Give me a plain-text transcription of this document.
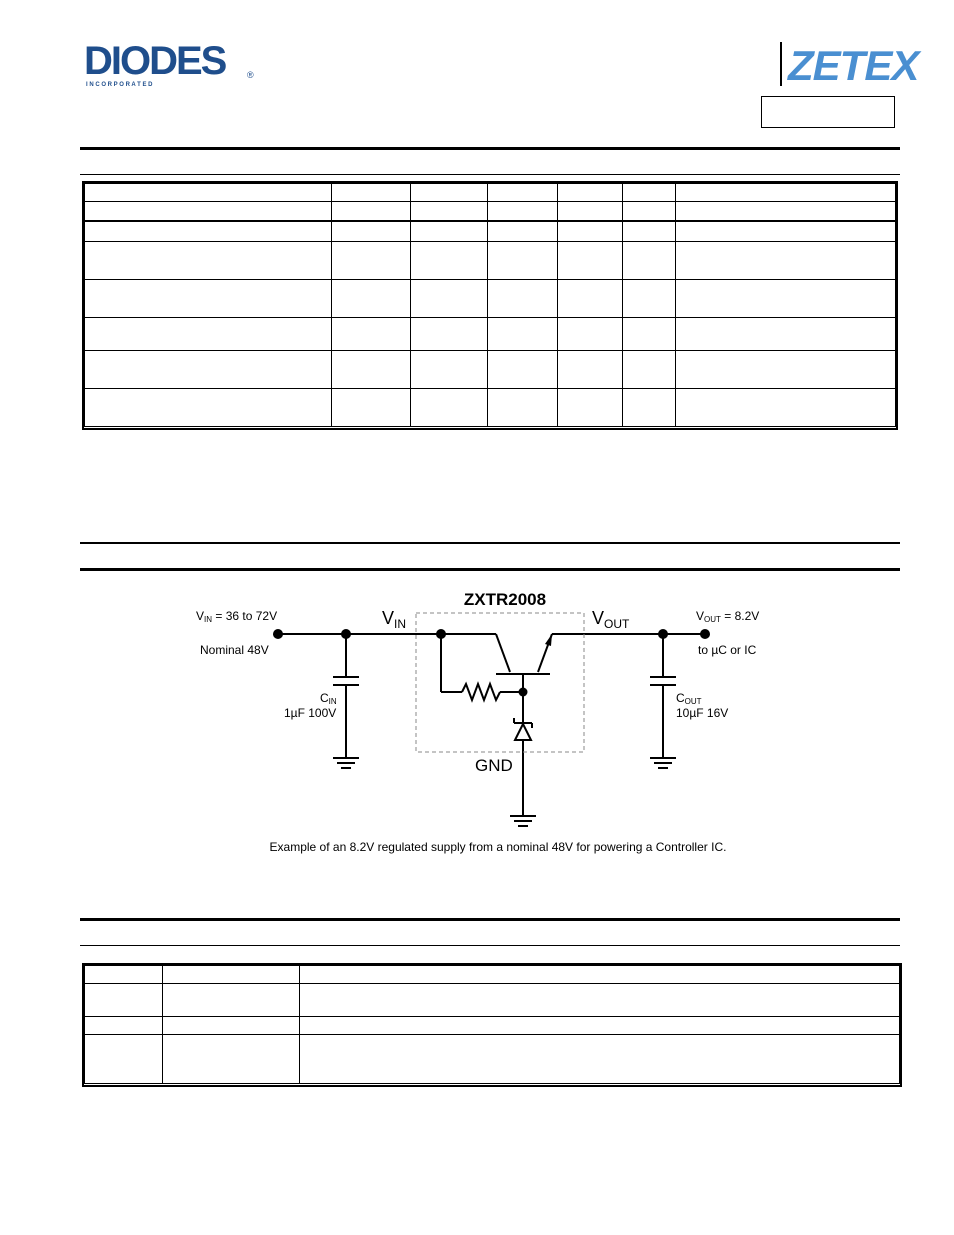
DIODES ®
I N C O R P O R A T E D	ZETEX

ZXTR2008
$V_{IN}$	$V_{OUT}$
VIN = 36 to 72V
Nominal 48V
VOUT = 8.2V
to µC or IC
CIN
1µF 100V
COUT
10µF 16V
GND
Example of an 8.2V regulated supply from a nominal 48V for powering a Controller IC.
